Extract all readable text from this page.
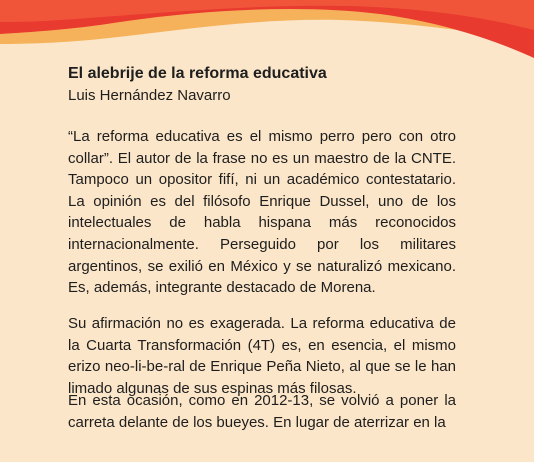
El alebrije de la reforma educativa

Luis Hernández Navarro

“La reforma educativa es el mismo perro pero con otro collar”. El autor de la frase no es un maestro de la CNTE. Tampoco un opositor fifí, ni un académico contestatario. La opinión es del filósofo Enrique Dussel, uno de los intelectuales de habla hispana más reconocidos internacionalmente. Perseguido por los militares argentinos, se exilió en México y se naturalizó mexicano. Es, además, integrante destacado de Morena.

Su afirmación no es exagerada. La reforma educativa de la Cuarta Transformación (4T) es, en esencia, el mismo erizo neo-li-be-ral de Enrique Peña Nieto, al que se le han limado algunas de sus espinas más filosas.

En esta ocasión, como en 2012-13, se volvió a poner la carreta delante de los bueyes. En lugar de aterrizar en la
